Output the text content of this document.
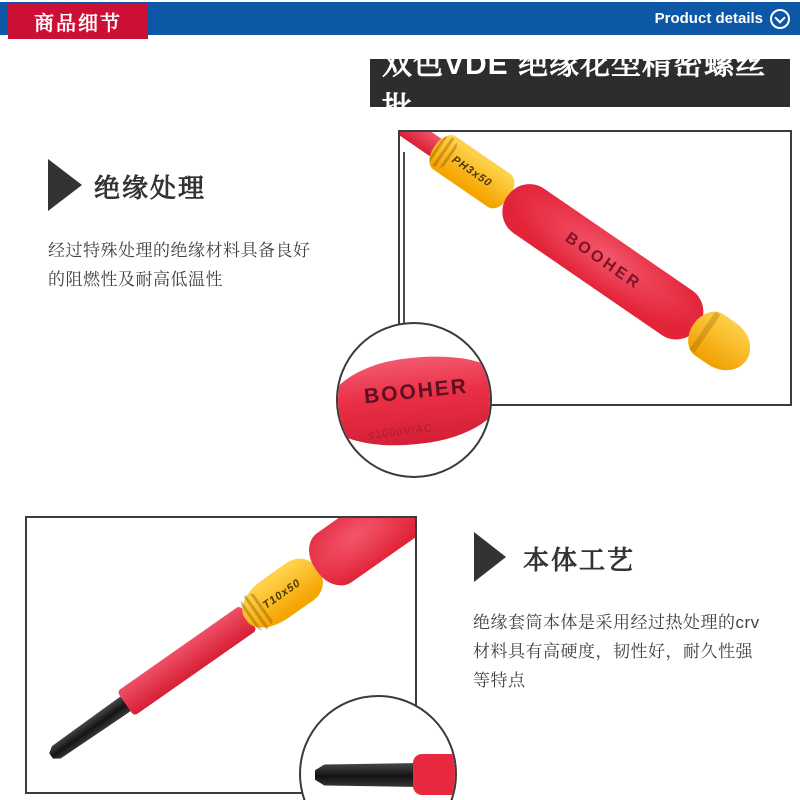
商品细节	Product details
双色VDE 绝缘花型精密螺丝批
绝缘处理
经过特殊处理的绝缘材料具备良好
的阻燃性及耐高低温性
PH3x50
BOOHER
BOOHER
≤1000V/AC
T10x50
本体工艺
绝缘套筒本体是采用经过热处理的crv
材料具有高硬度，韧性好，耐久性强
等特点
